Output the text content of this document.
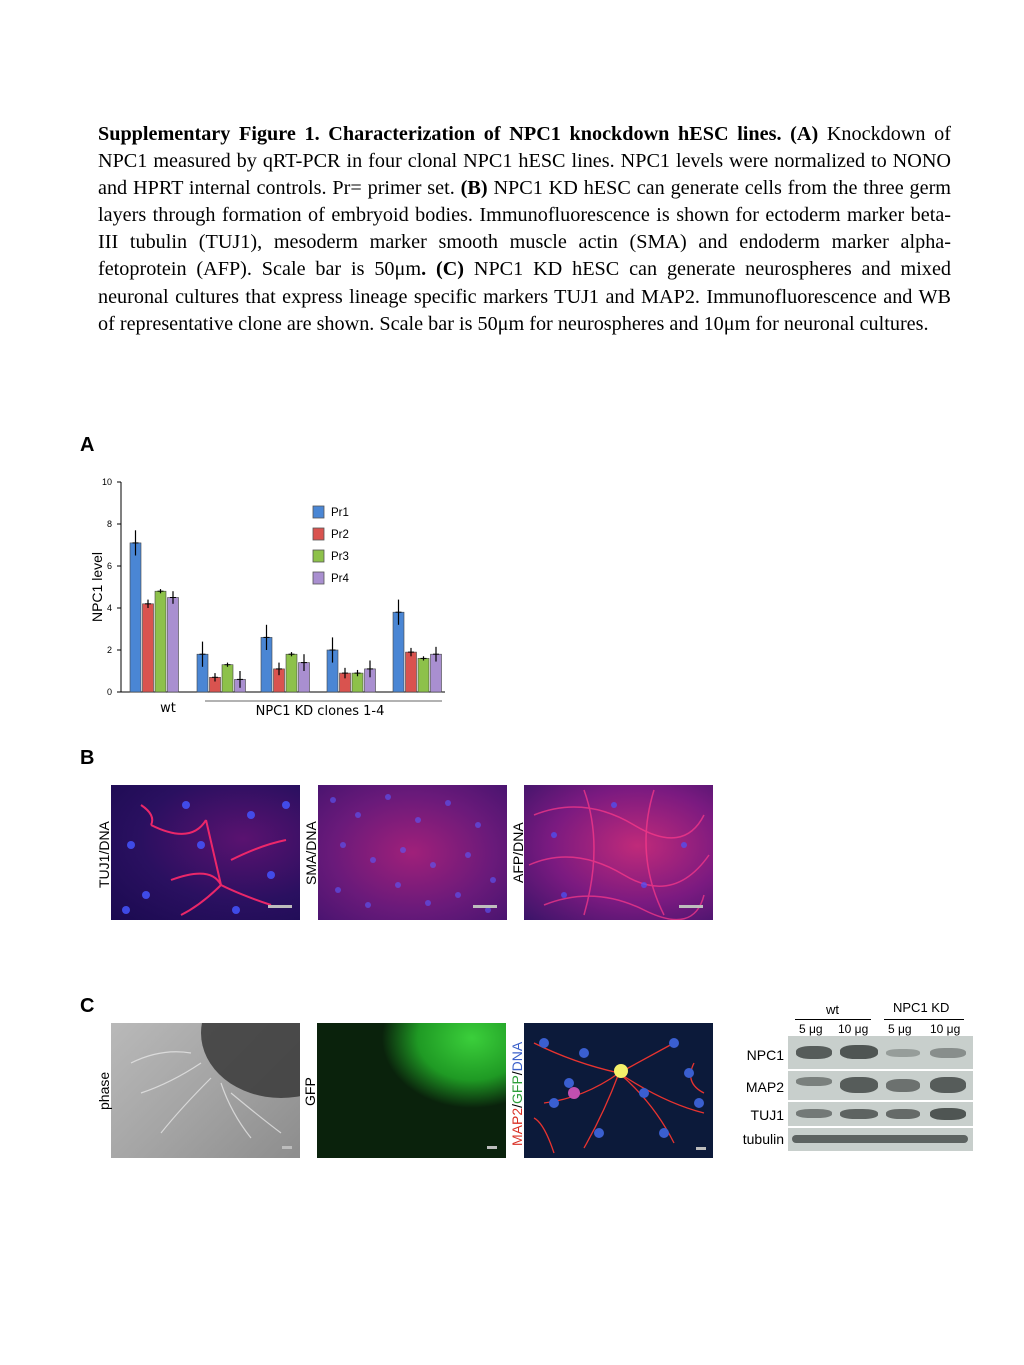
Supplementary Figure 1. Characterization of NPC1 knockdown hESC lines. (A) Knockdown of NPC1 measured by qRT-PCR in four clonal NPC1 hESC lines. NPC1 levels were normalized to NONO and HPRT internal controls. Pr= primer set. (B) NPC1 KD hESC can generate cells from the three germ layers through formation of embryoid bodies. Immunofluorescence is shown for ectoderm marker beta-III tubulin (TUJ1), mesoderm marker smooth muscle actin (SMA) and endoderm marker alpha-fetoprotein (AFP). Scale bar is 50μm. (C) NPC1 KD hESC can generate neurospheres and mixed neuronal cultures that express lineage specific markers TUJ1 and MAP2. Immunofluorescence and WB of representative clone are shown. Scale bar is 50μm for neurospheres and 10μm for neuronal cultures.
A
B
C
0
2
4
6
8
10
NPC1 level
wt	NPC1 KD clones 1-4
Pr1
Pr2
Pr3
Pr4
TUJ1/DNA	SMA/DNA	AFP/DNA
phase	GFP
MAP2/GFP/DNA
wt	NPC1 KD
5 μg 10 μg 5 μg 10 μg
NPC1
MAP2
TUJ1
tubulin
